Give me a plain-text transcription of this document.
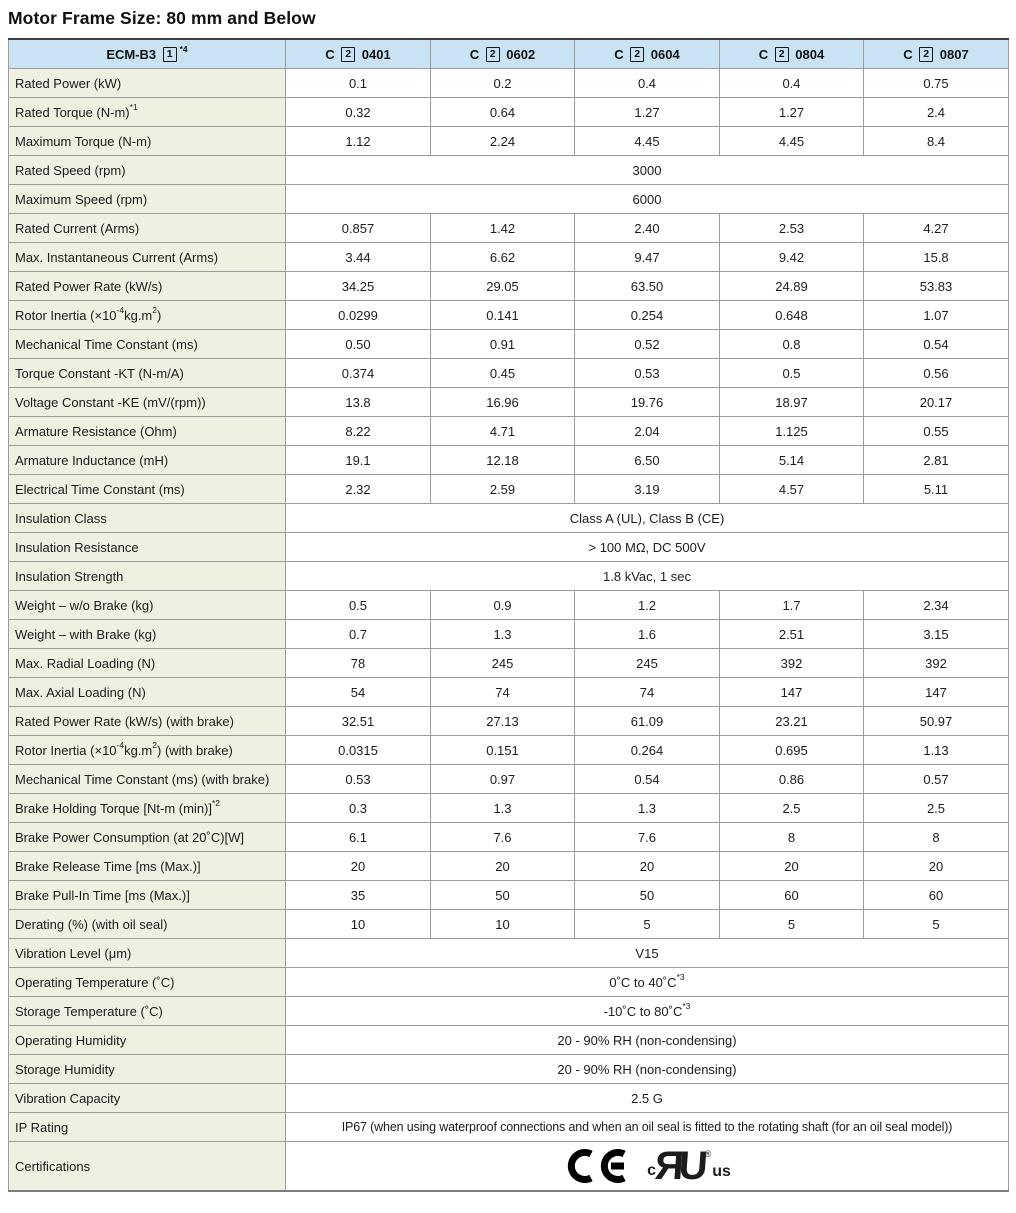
Motor Frame Size: 80 mm and Below
ECM-B3 1 $^{*4}$	C 2 0401	C 2 0602	C 2 0604	C 2 0804	C 2 0807
Rated Power (kW)	0.1	0.2	0.4	0.4	0.75
Rated Torque $(N-m)^{*1}$	0.32	0.64	1.27	1.27	2.4
Maximum Torque (N-m)	1.12	2.24	4.45	4.45	8.4
Rated Speed (rpm)	3000				
Maximum Speed (rpm)	6000				
Rated Current (Arms)	0.857	1.42	2.40	2.53	4.27
Max. Instantaneous Current (Arms)	3.44	6.62	9.47	9.42	15.8
Rated Power Rate (kW/s)	34.25	29.05	63.50	24.89	53.83
Rotor Inertia $(\times 10^{-4}kg.m^2)$	0.0299	0.141	0.254	0.648	1.07
Mechanical Time Constant (ms)	0.50	0.91	0.52	0.8	0.54
Torque Constant -KT (N-m/A)	0.374	0.45	0.53	0.5	0.56
Voltage Constant -KE (mV/(rpm))	13.8	16.96	19.76	18.97	20.17
Armature Resistance (Ohm)	8.22	4.71	2.04	1.125	0.55
Armature Inductance (mH)	19.1	12.18	6.50	5.14	2.81
Electrical Time Constant (ms)	2.32	2.59	3.19	4.57	5.11
Insulation Class	Class A (UL), Class B (CE)				
Insulation Resistance	> 100 MΩ, DC 500V				
Insulation Strength	1.8 kVac, 1 sec				
Weight – w/o Brake (kg)	0.5	0.9	1.2	1.7	2.34
Weight – with Brake (kg)	0.7	1.3	1.6	2.51	3.15
Max. Radial Loading (N)	78	245	245	392	392
Max. Axial Loading (N)	54	74	74	147	147
Rated Power Rate (kW/s) (with brake)	32.51	27.13	61.09	23.21	50.97
Rotor Inertia $(\times 10^{-4}kg.m^2)$ (with brake)	0.0315	0.151	0.264	0.695	1.13
Mechanical Time Constant (ms) (with brake)	0.53	0.97	0.54	0.86	0.57
Brake Holding Torque [Nt-m (min)]$^{*2}$	0.3	1.3	1.3	2.5	2.5
Brake Power Consumption (at 20˚C)[W]	6.1	7.6	7.6	8	8
Brake Release Time [ms (Max.)]	20	20	20	20	20
Brake Pull-In Time [ms (Max.)]	35	50	50	60	60
Derating (%) (with oil seal)	10	10	5	5	5
Vibration Level (μm)	V15				
Operating Temperature (˚C)	0˚C to $40˚C^{*3}$
Storage Temperature (˚C)	-10˚C to $80˚C^{*3}$
Operating Humidity	20 - 90% RH (non-condensing)				
Storage Humidity	20 - 90% RH (non-condensing)				
Vibration Capacity	2.5 G				
IP Rating	IP67 (when using waterproof connections and when an oil seal is fitted to the rotating shaft (for an oil seal model))				
Certifications	c
ЯU ®
us				
